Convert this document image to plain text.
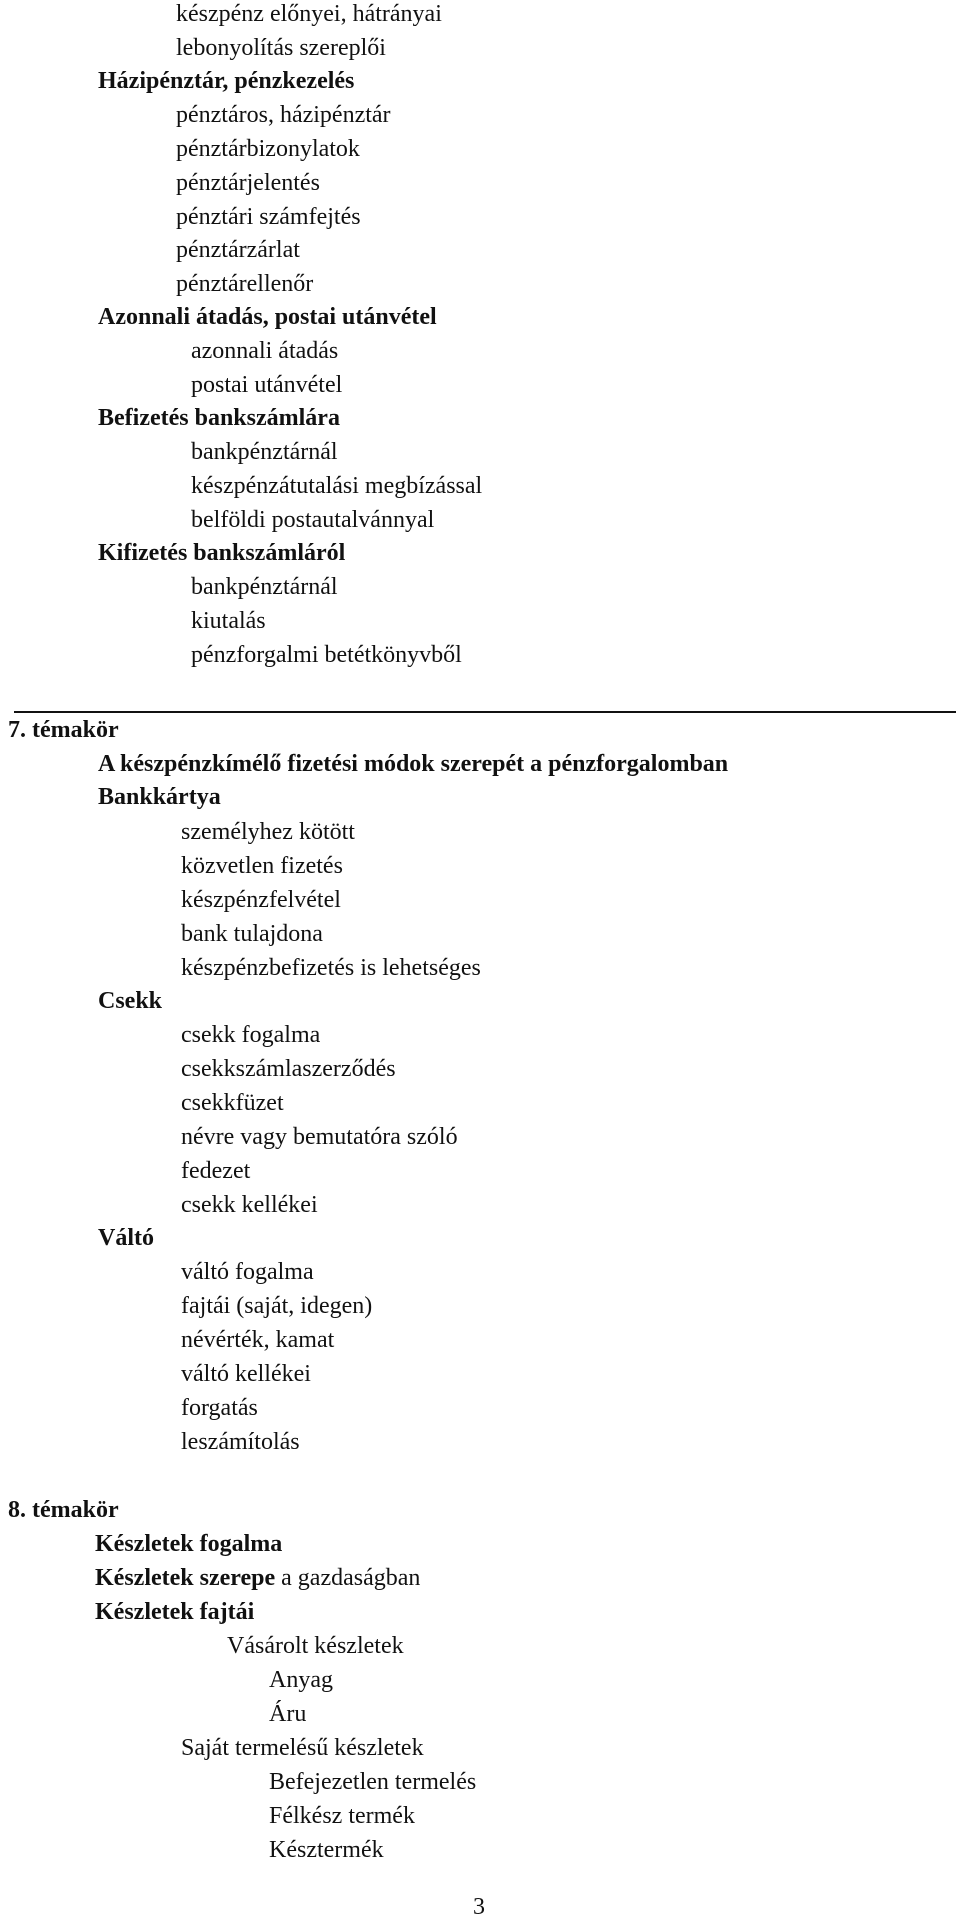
készpénz előnyei, hátrányai
lebonyolítás szereplői
Házipénztár, pénzkezelés
pénztáros, házipénztár
pénztárbizonylatok
pénztárjelentés
pénztári számfejtés
pénztárzárlat
pénztárellenőr
Azonnali átadás, postai utánvétel
azonnali átadás
postai utánvétel
Befizetés bankszámlára
bankpénztárnál
készpénzátutalási megbízással
belföldi postautalvánnyal
Kifizetés bankszámláról
bankpénztárnál
kiutalás
pénzforgalmi betétkönyvből
7. témakör
A készpénzkímélő fizetési módok szerepét a pénzforgalomban
Bankkártya
személyhez kötött
közvetlen fizetés
készpénzfelvétel
bank tulajdona
készpénzbefizetés is lehetséges
Csekk
csekk fogalma
csekkszámlaszerződés
csekkfüzet
névre vagy bemutatóra szóló
fedezet
csekk kellékei
Váltó
váltó fogalma
fajtái (saját, idegen)
névérték, kamat
váltó kellékei
forgatás
leszámítolás
8. témakör
Készletek fogalma
Készletek szerepe a gazdaságban
Készletek fajtái
Vásárolt készletek
Anyag
Áru
Saját termelésű készletek
Befejezetlen termelés
Félkész termék
Késztermék
3
